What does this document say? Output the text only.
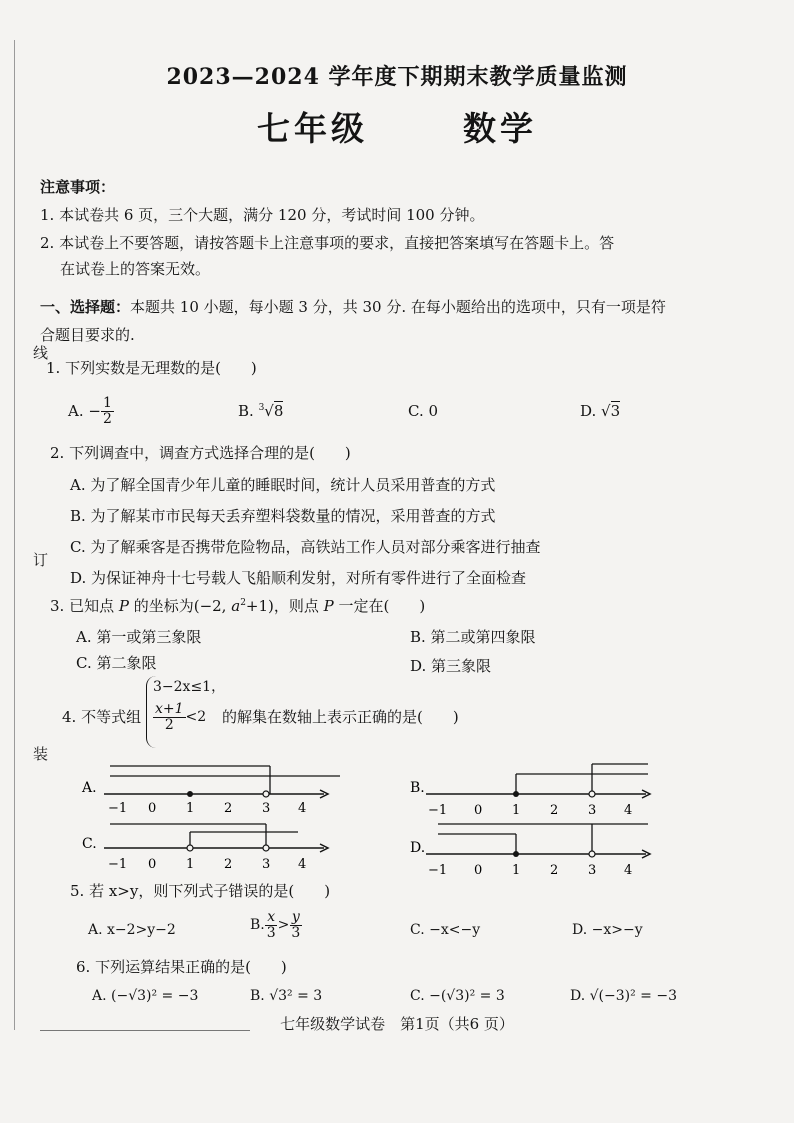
线
订
装
2023—2024 学年度下期期末教学质量监测
七年级	数学
注意事项：
1. 本试卷共 6 页，三个大题，满分 120 分，考试时间 100 分钟。
2. 本试卷上不要答题，请按答题卡上注意事项的要求，直接把答案填写在答题卡上。答
在试卷上的答案无效。
一、选择题：本题共 10 小题，每小题 3 分，共 30 分. 在每小题给出的选项中，只有一项是符
合题目要求的.
1. 下列实数是无理数的是(　　)
A. − $\frac{1}{2}$	B. $^3$√8	C. 0	D. √3
2. 下列调查中，调查方式选择合理的是(　　)
A. 为了解全国青少年儿童的睡眠时间，统计人员采用普查的方式
B. 为了解某市市民每天丢弃塑料袋数量的情况，采用普查的方式
C. 为了解乘客是否携带危险物品，高铁站工作人员对部分乘客进行抽查
D. 为保证神舟十七号载人飞船顺利发射，对所有零件进行了全面检查
3. 已知点 P 的坐标为(−2, $a^2+1$)，则点 P 一定在(　　)
A. 第一或第三象限	B. 第二或第四象限
C. 第二象限	D. 第三象限
4. 不等式组
3−2x≤1，
$\frac{x+1}{2} <2$ 的解集在数轴上表示正确的是(　　)
A.
−1 0 1 2 3 4
B.
−1 0 1 2 3 4
C.
−1 0 1 2 3 4
D.
−1 0 1 2 3 4
5. 若 x>y，则下列式子错误的是(　　)
A. x−2>y−2	B. $\frac{x}{3} > \frac{y}{3}$	C. −x<−y	D. −x>−y
6. 下列运算结果正确的是(　　)
A. (−√3)² = −3	B. √3² = 3	C. −(√3)² = 3	D. √(−3)² = −3
七年级数学试卷　第1页（共6 页）
